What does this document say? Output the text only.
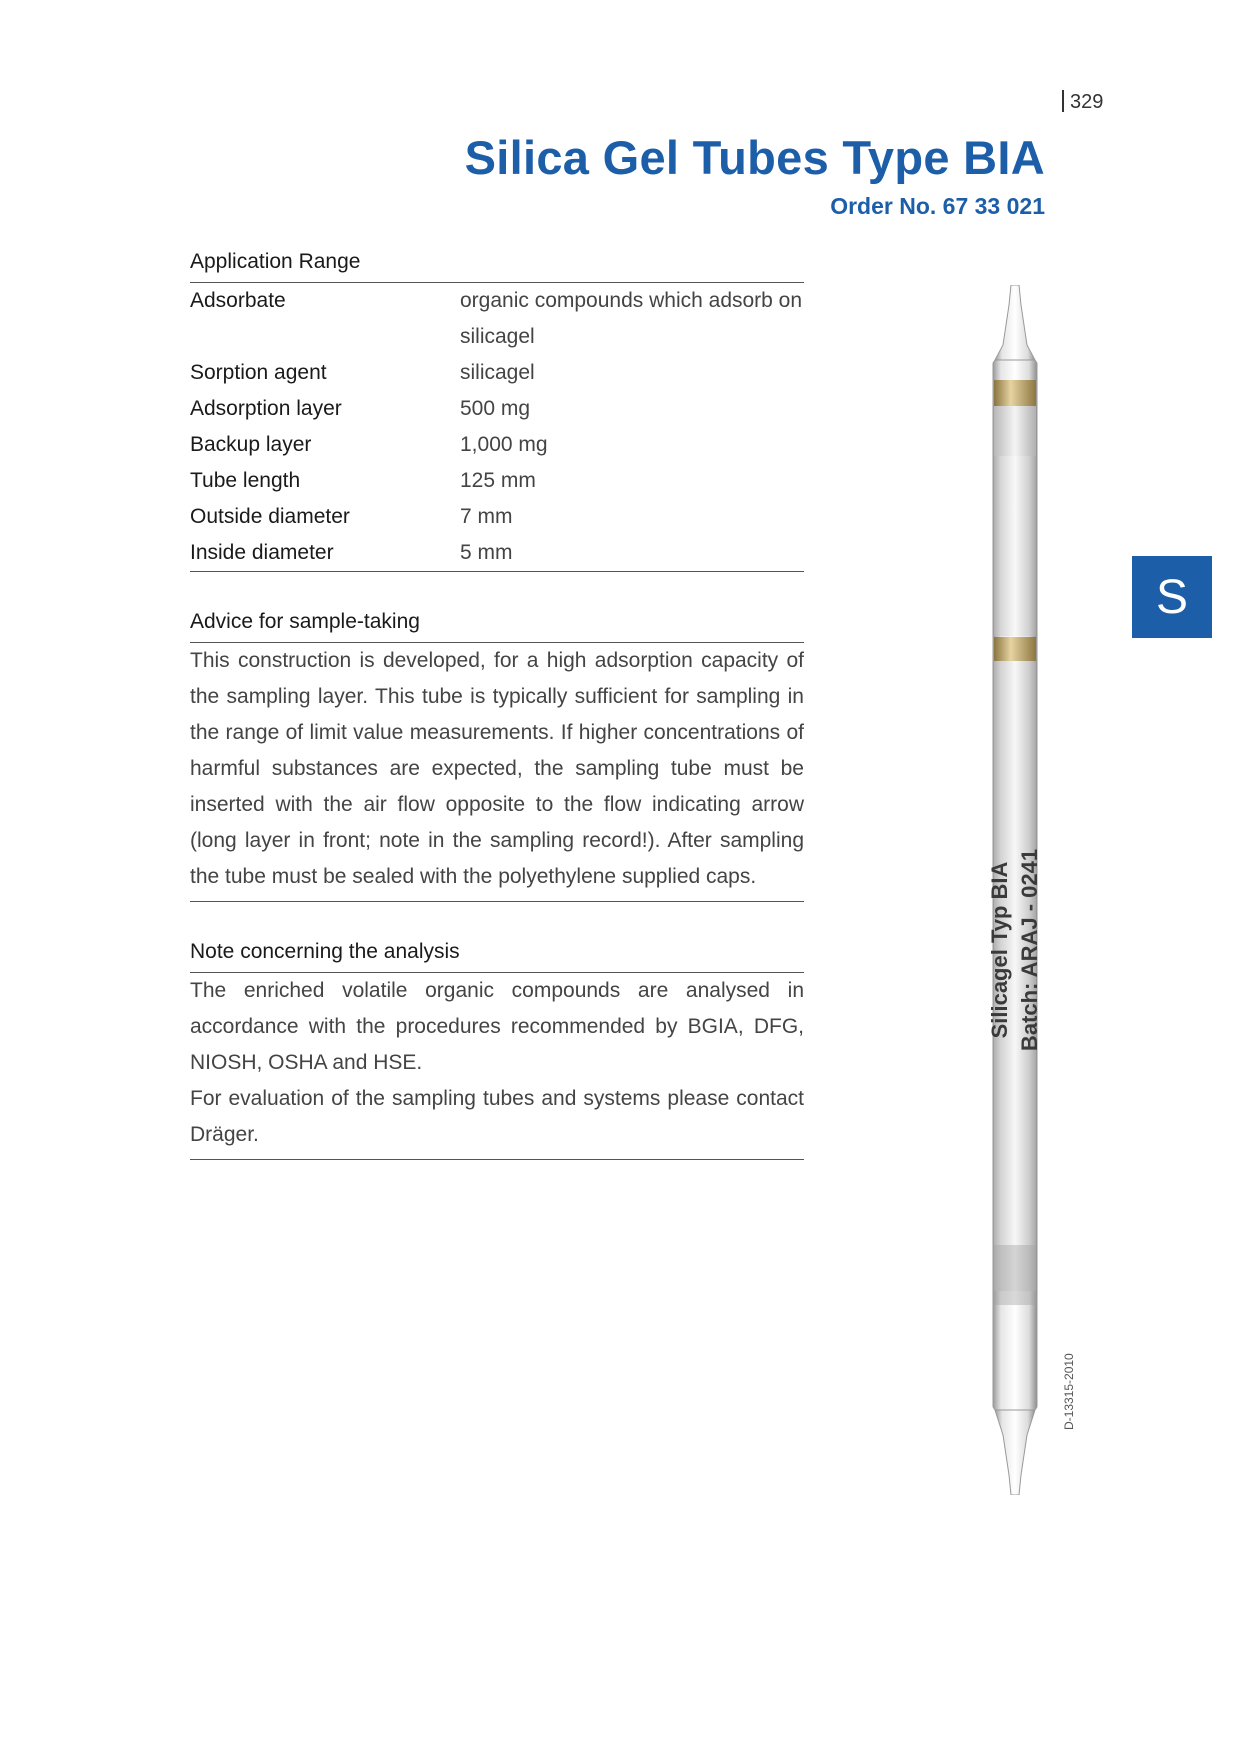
329
Silica Gel Tubes Type BIA
Order No. 67 33 021
Application Range
Adsorbate	organic compounds which adsorb on silicagel
Sorption agent	silicagel
Adsorption layer	500 mg
Backup layer	1,000 mg
Tube length	125 mm
Outside diameter	7 mm
Inside diameter	5 mm
Advice for sample-taking

This construction is developed, for a high adsorption capacity of the sampling layer. This tube is typically sufficient for sampling in the range of limit value measurements. If higher concentrations of harmful substances are expected, the sampling tube must be inserted with the air flow opposite to the flow indicating arrow (long layer in front; note in the sampling record!). After sampling the tube must be sealed with the polyethylene supplied caps.

Note concerning the analysis

The enriched volatile organic compounds are analysed in accordance with the procedures recommended by BGIA, DFG, NIOSH, OSHA and HSE.

For evaluation of the sampling tubes and systems please contact Dräger.

S
Silicagel Typ BIA Batch: ARAJ - 0241
D-13315-2010
